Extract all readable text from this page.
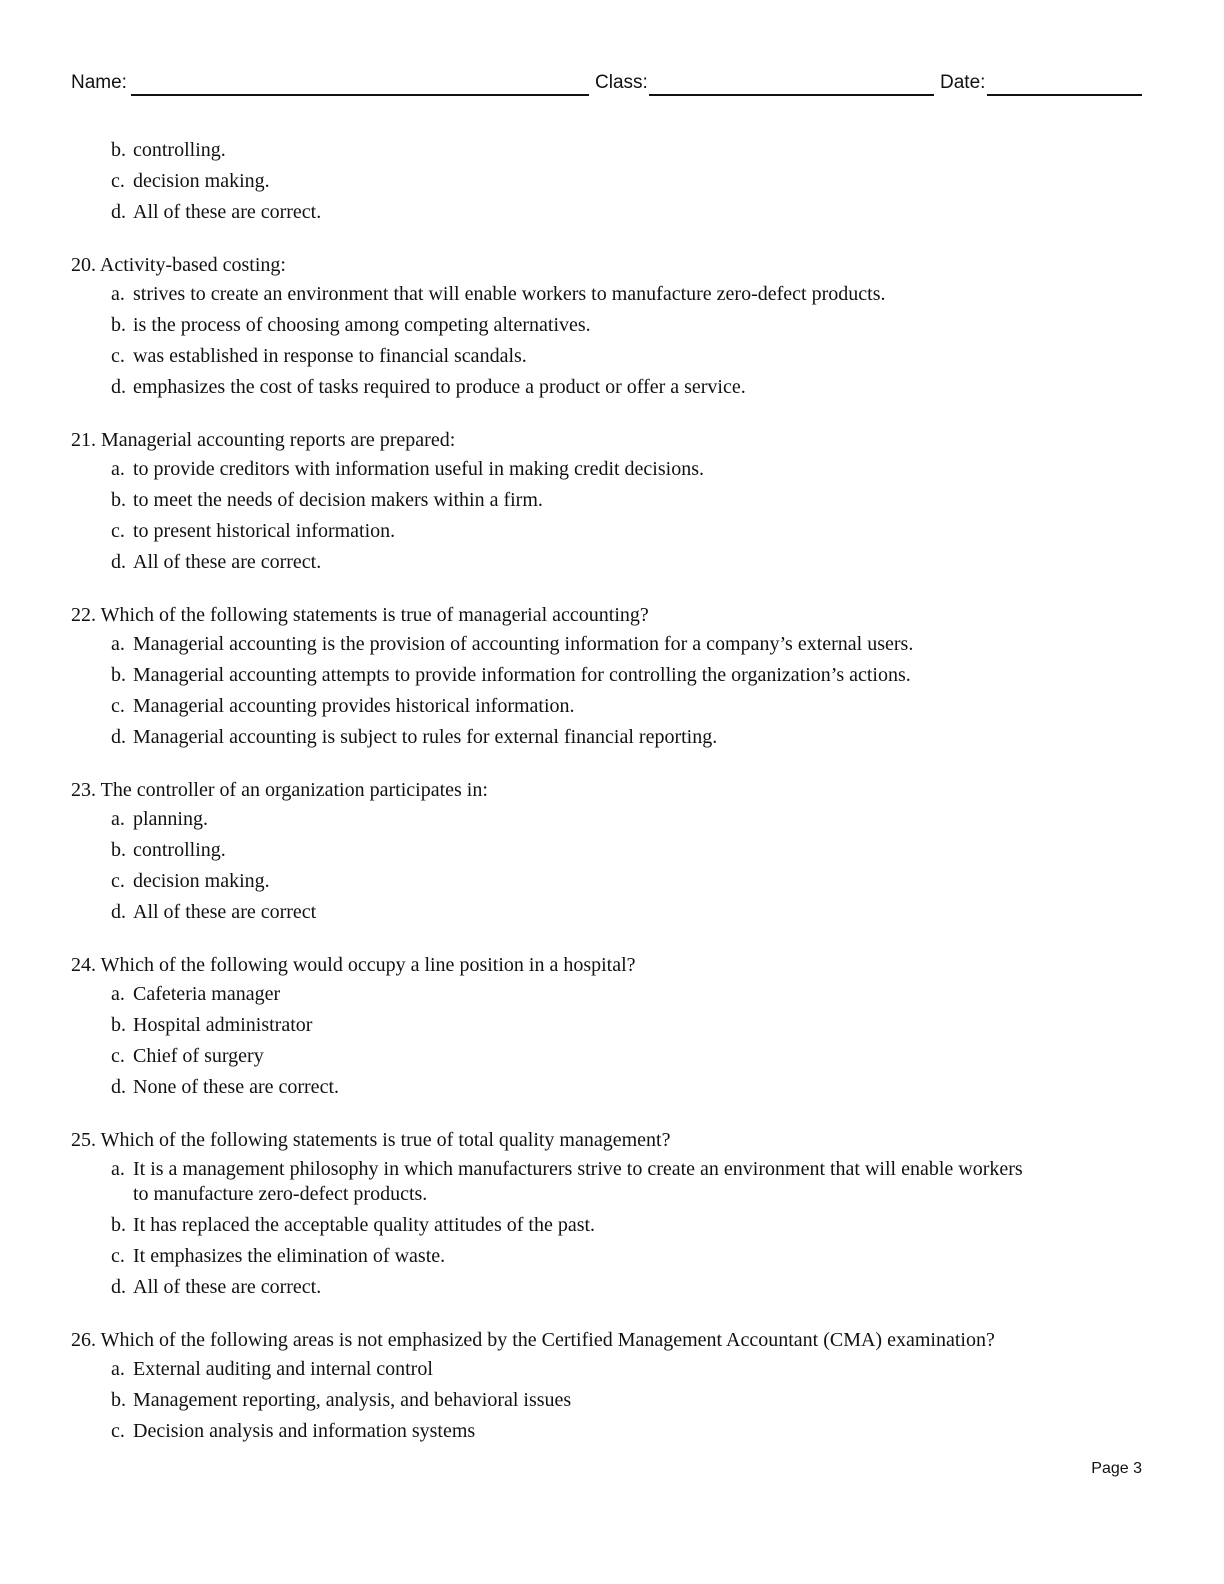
Name:	Class:	Date:
b. controlling.
c. decision making.
d. All of these are correct.
20. Activity-based costing:
a. strives to create an environment that will enable workers to manufacture zero-defect products.
b. is the process of choosing among competing alternatives.
c. was established in response to financial scandals.
d. emphasizes the cost of tasks required to produce a product or offer a service.
21. Managerial accounting reports are prepared:
a. to provide creditors with information useful in making credit decisions.
b. to meet the needs of decision makers within a firm.
c. to present historical information.
d. All of these are correct.
22. Which of the following statements is true of managerial accounting?
a. Managerial accounting is the provision of accounting information for a company’s external users.
b. Managerial accounting attempts to provide information for controlling the organization’s actions.
c. Managerial accounting provides historical information.
d. Managerial accounting is subject to rules for external financial reporting.
23. The controller of an organization participates in:
a. planning.
b. controlling.
c. decision making.
d. All of these are correct
24. Which of the following would occupy a line position in a hospital?
a. Cafeteria manager
b. Hospital administrator
c. Chief of surgery
d. None of these are correct.
25. Which of the following statements is true of total quality management?
a. It is a management philosophy in which manufacturers strive to create an environment that will enable workers to manufacture zero-defect products.
b. It has replaced the acceptable quality attitudes of the past.
c. It emphasizes the elimination of waste.
d. All of these are correct.
26. Which of the following areas is not emphasized by the Certified Management Accountant (CMA) examination?
a. External auditing and internal control
b. Management reporting, analysis, and behavioral issues
c. Decision analysis and information systems
Page 3
